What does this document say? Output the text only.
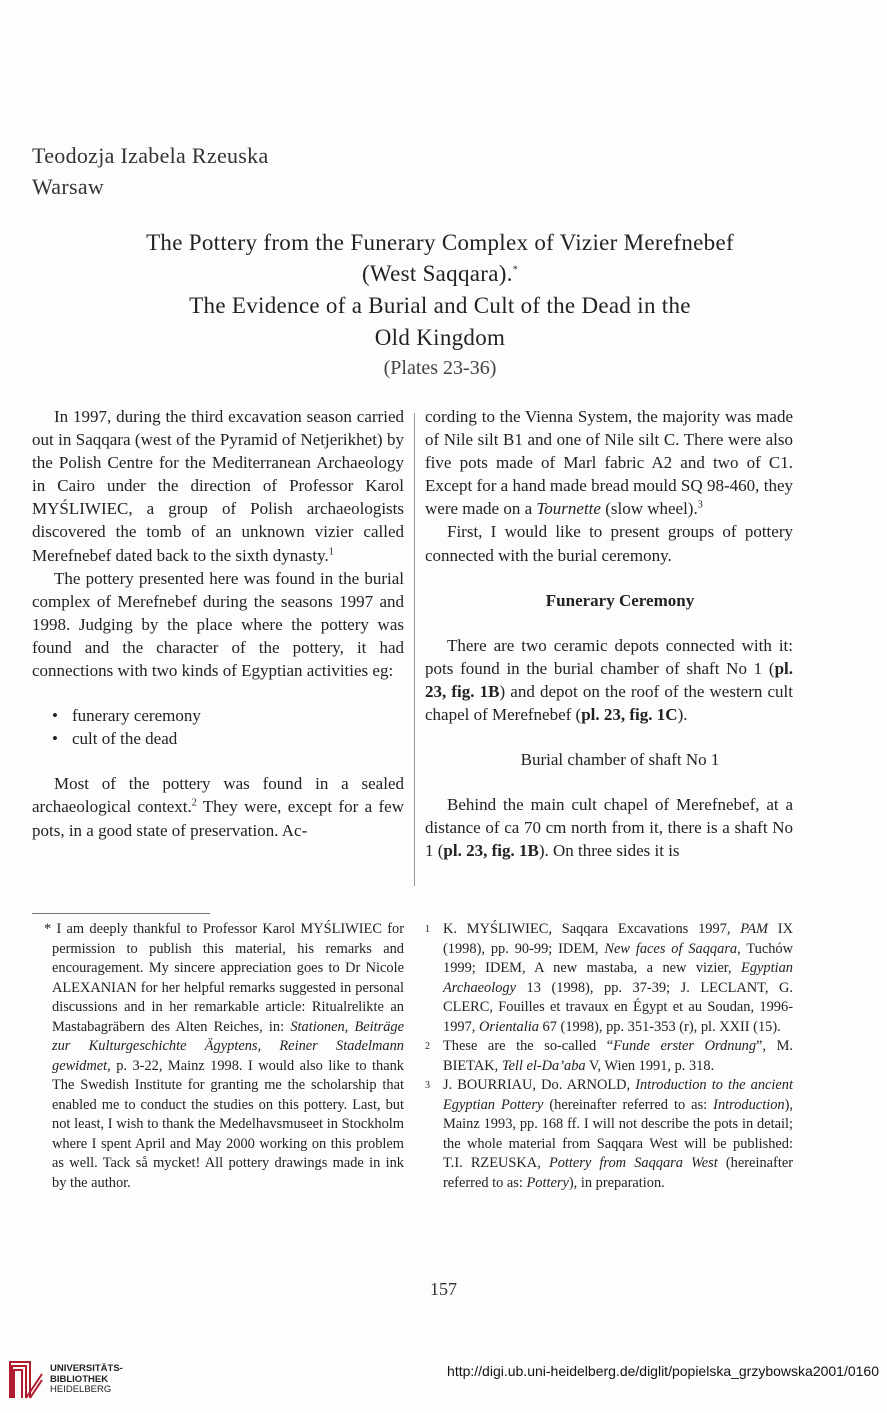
Teodozja Izabela Rzeuska
Warsaw
The Pottery from the Funerary Complex of Vizier Merefnebef
(West Saqqara).*
The Evidence of a Burial and Cult of the Dead in the
Old Kingdom
(Plates 23-36)

In 1997, during the third excavation season carried out in Saqqara (west of the Pyramid of Netjerikhet) by the Polish Centre for the Mediterranean Archaeology in Cairo under the direction of Professor Karol MYŚLIWIEC, a group of Polish archaeologists discovered the tomb of an unknown vizier called Merefnebef dated back to the sixth dynasty.$^1$

The pottery presented here was found in the burial complex of Merefnebef during the seasons 1997 and 1998. Judging by the place where the pottery was found and the character of the pottery, it had connections with two kinds of Egyptian activities eg:

• funerary ceremony
• cult of the dead

Most of the pottery was found in a sealed archaeological context.$^2$ They were, except for a few pots, in a good state of preservation. Ac-

cording to the Vienna System, the majority was made of Nile silt B1 and one of Nile silt C. There were also five pots made of Marl fabric A2 and two of C1. Except for a hand made bread mould SQ 98-460, they were made on a Tournette (slow wheel).$^3$

First, I would like to present groups of pottery connected with the burial ceremony.

Funerary Ceremony

There are two ceramic depots connected with it: pots found in the burial chamber of shaft No 1 (pl. 23, fig. 1B) and depot on the roof of the western cult chapel of Merefnebef (pl. 23, fig. 1C).

Burial chamber of shaft No 1

Behind the main cult chapel of Merefnebef, at a distance of ca 70 cm north from it, there is a shaft No 1 (pl. 23, fig. 1B). On three sides it is

* I am deeply thankful to Professor Karol MYŚLIWIEC for permission to publish this material, his remarks and encouragement. My sincere appreciation goes to Dr Nicole ALEXANIAN for her helpful remarks suggested in personal discussions and in her remarkable article: Ritualrelikte an Mastabagräbern des Alten Reiches, in: Stationen, Beiträge zur Kulturgeschichte Ägyptens, Reiner Stadelmann gewidmet, p. 3-22, Mainz 1998. I would also like to thank The Swedish Institute for granting me the scholarship that enabled me to conduct the studies on this pottery. Last, but not least, I wish to thank the Medelhavsmuseet in Stockholm where I spent April and May 2000 working on this problem as well. Tack så mycket! All pottery drawings made in ink by the author.

1 K. MYŚLIWIEC, Saqqara Excavations 1997, PAM IX (1998), pp. 90-99; IDEM, New faces of Saqqara, Tuchów 1999; IDEM, A new mastaba, a new vizier, Egyptian Archaeology 13 (1998), pp. 37-39; J. LECLANT, G. CLERC, Fouilles et travaux en Égypt et au Soudan, 1996-1997, Orientalia 67 (1998), pp. 351-353 (r), pl. XXII (15).
2 These are the so-called “Funde erster Ordnung”, M. BIETAK, Tell el-Da’aba V, Wien 1991, p. 318.
3 J. BOURRIAU, Do. ARNOLD, Introduction to the ancient Egyptian Pottery (hereinafter referred to as: Introduction), Mainz 1993, pp. 168 ff. I will not describe the pots in detail; the whole material from Saqqara West will be published: T.I. RZEUSKA, Pottery from Saqqara West (hereinafter referred to as: Pottery), in preparation.
157
UNIVERSITÄTS-
BIBLIOTHEK
HEIDELBERG
http://digi.ub.uni-heidelberg.de/diglit/popielska_grzybowska2001/0160
